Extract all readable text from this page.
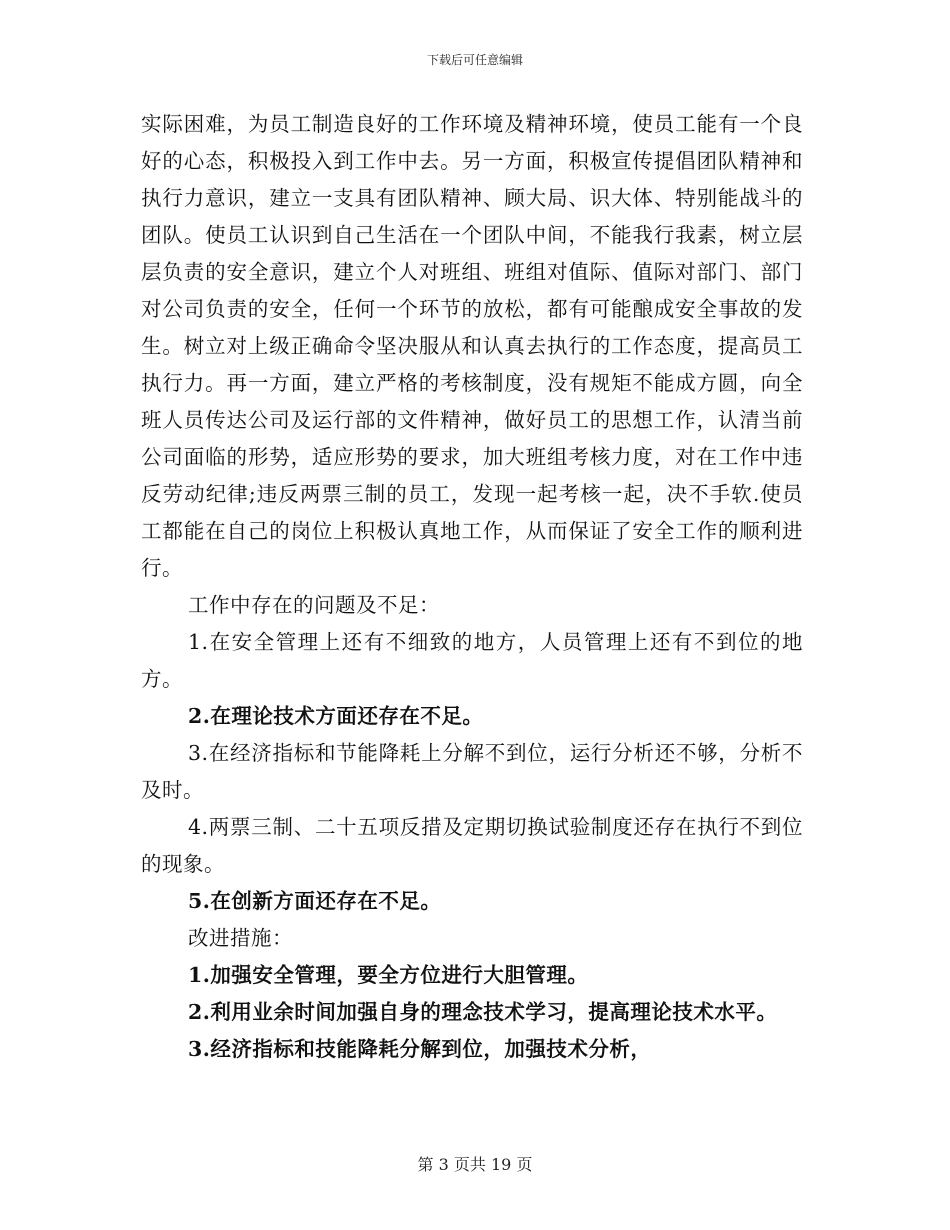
下载后可任意编辑

实际困难，为员工制造良好的工作环境及精神环境，使员工能有一个良好的心态，积极投入到工作中去。另一方面，积极宣传提倡团队精神和执行力意识，建立一支具有团队精神、顾大局、识大体、特别能战斗的团队。使员工认识到自己生活在一个团队中间，不能我行我素，树立层层负责的安全意识，建立个人对班组、班组对值际、值际对部门、部门对公司负责的安全，任何一个环节的放松，都有可能酿成安全事故的发生。树立对上级正确命令坚决服从和认真去执行的工作态度，提高员工执行力。再一方面，建立严格的考核制度，没有规矩不能成方圆，向全班人员传达公司及运行部的文件精神，做好员工的思想工作，认清当前公司面临的形势，适应形势的要求，加大班组考核力度，对在工作中违反劳动纪律;违反两票三制的员工，发现一起考核一起，决不手软.使员工都能在自己的岗位上积极认真地工作，从而保证了安全工作的顺利进行。

工作中存在的问题及不足：

1.在安全管理上还有不细致的地方，人员管理上还有不到位的地方。

2.在理论技术方面还存在不足。

3.在经济指标和节能降耗上分解不到位，运行分析还不够，分析不及时。

4.两票三制、二十五项反措及定期切换试验制度还存在执行不到位的现象。

5.在创新方面还存在不足。

改进措施：

1.加强安全管理，要全方位进行大胆管理。

2.利用业余时间加强自身的理念技术学习，提高理论技术水平。

3.经济指标和技能降耗分解到位，加强技术分析，

第 3 页共 19 页
